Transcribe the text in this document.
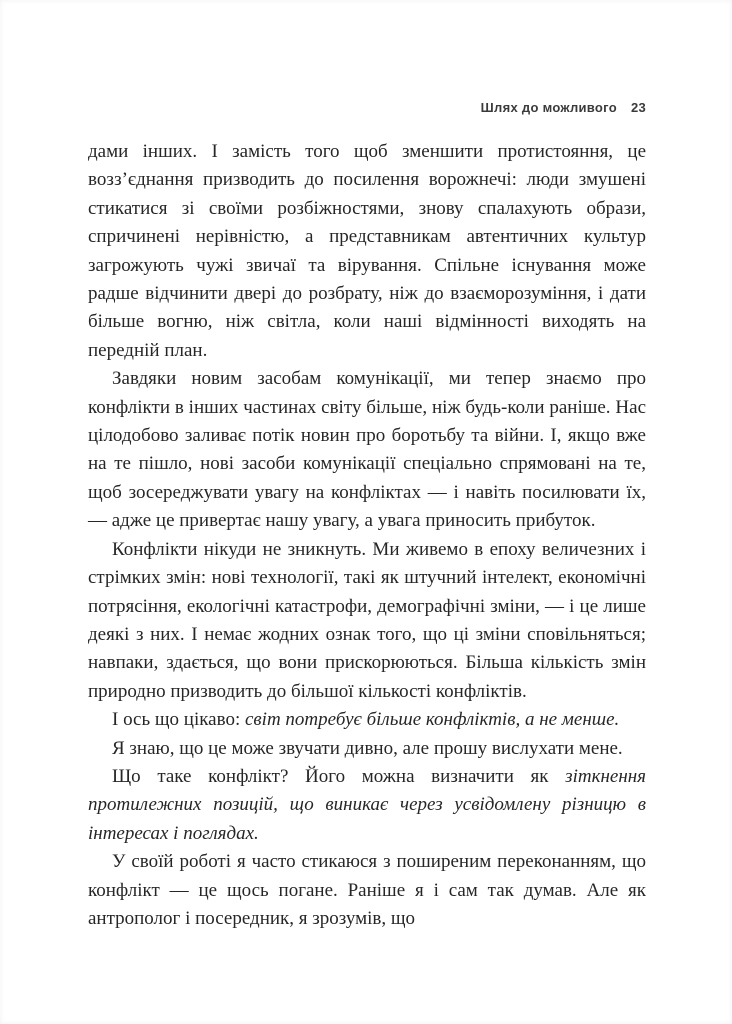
Шлях до можливого 23

дами інших. І замість того щоб зменшити протистояння, це возз’єднання призводить до посилення ворожнечі: люди змушені стикатися зі своїми розбіжностями, знову спалахують образи, спричинені нерівністю, а представникам автентичних культур загрожують чужі звичаї та вірування. Спільне існування може радше відчинити двері до розбрату, ніж до взаєморозуміння, і дати більше вогню, ніж світла, коли наші відмінності виходять на передній план.

Завдяки новим засобам комунікації, ми тепер знаємо про конфлікти в інших частинах світу більше, ніж будь-коли раніше. Нас цілодобово заливає потік новин про боротьбу та війни. І, якщо вже на те пішло, нові засоби комунікації спеціально спрямовані на те, щоб зосереджувати увагу на конфліктах — і навіть посилювати їх, — адже це привертає нашу увагу, а увага приносить прибуток.

Конфлікти нікуди не зникнуть. Ми живемо в епоху величезних і стрімких змін: нові технології, такі як штучний інтелект, економічні потрясіння, екологічні катастрофи, демографічні зміни, — і це лише деякі з них. І немає жодних ознак того, що ці зміни сповільняться; навпаки, здається, що вони прискорюються. Більша кількість змін природно призводить до більшої кількості конфліктів.

І ось що цікаво: світ потребує більше конфліктів, а не менше.

Я знаю, що це може звучати дивно, але прошу вислухати мене.

Що таке конфлікт? Його можна визначити як зіткнення протилежних позицій, що виникає через усвідомлену різницю в інтересах і поглядах.

У своїй роботі я часто стикаюся з поширеним переконанням, що конфлікт — це щось погане. Раніше я і сам так думав. Але як антрополог і посередник, я зрозумів, що
